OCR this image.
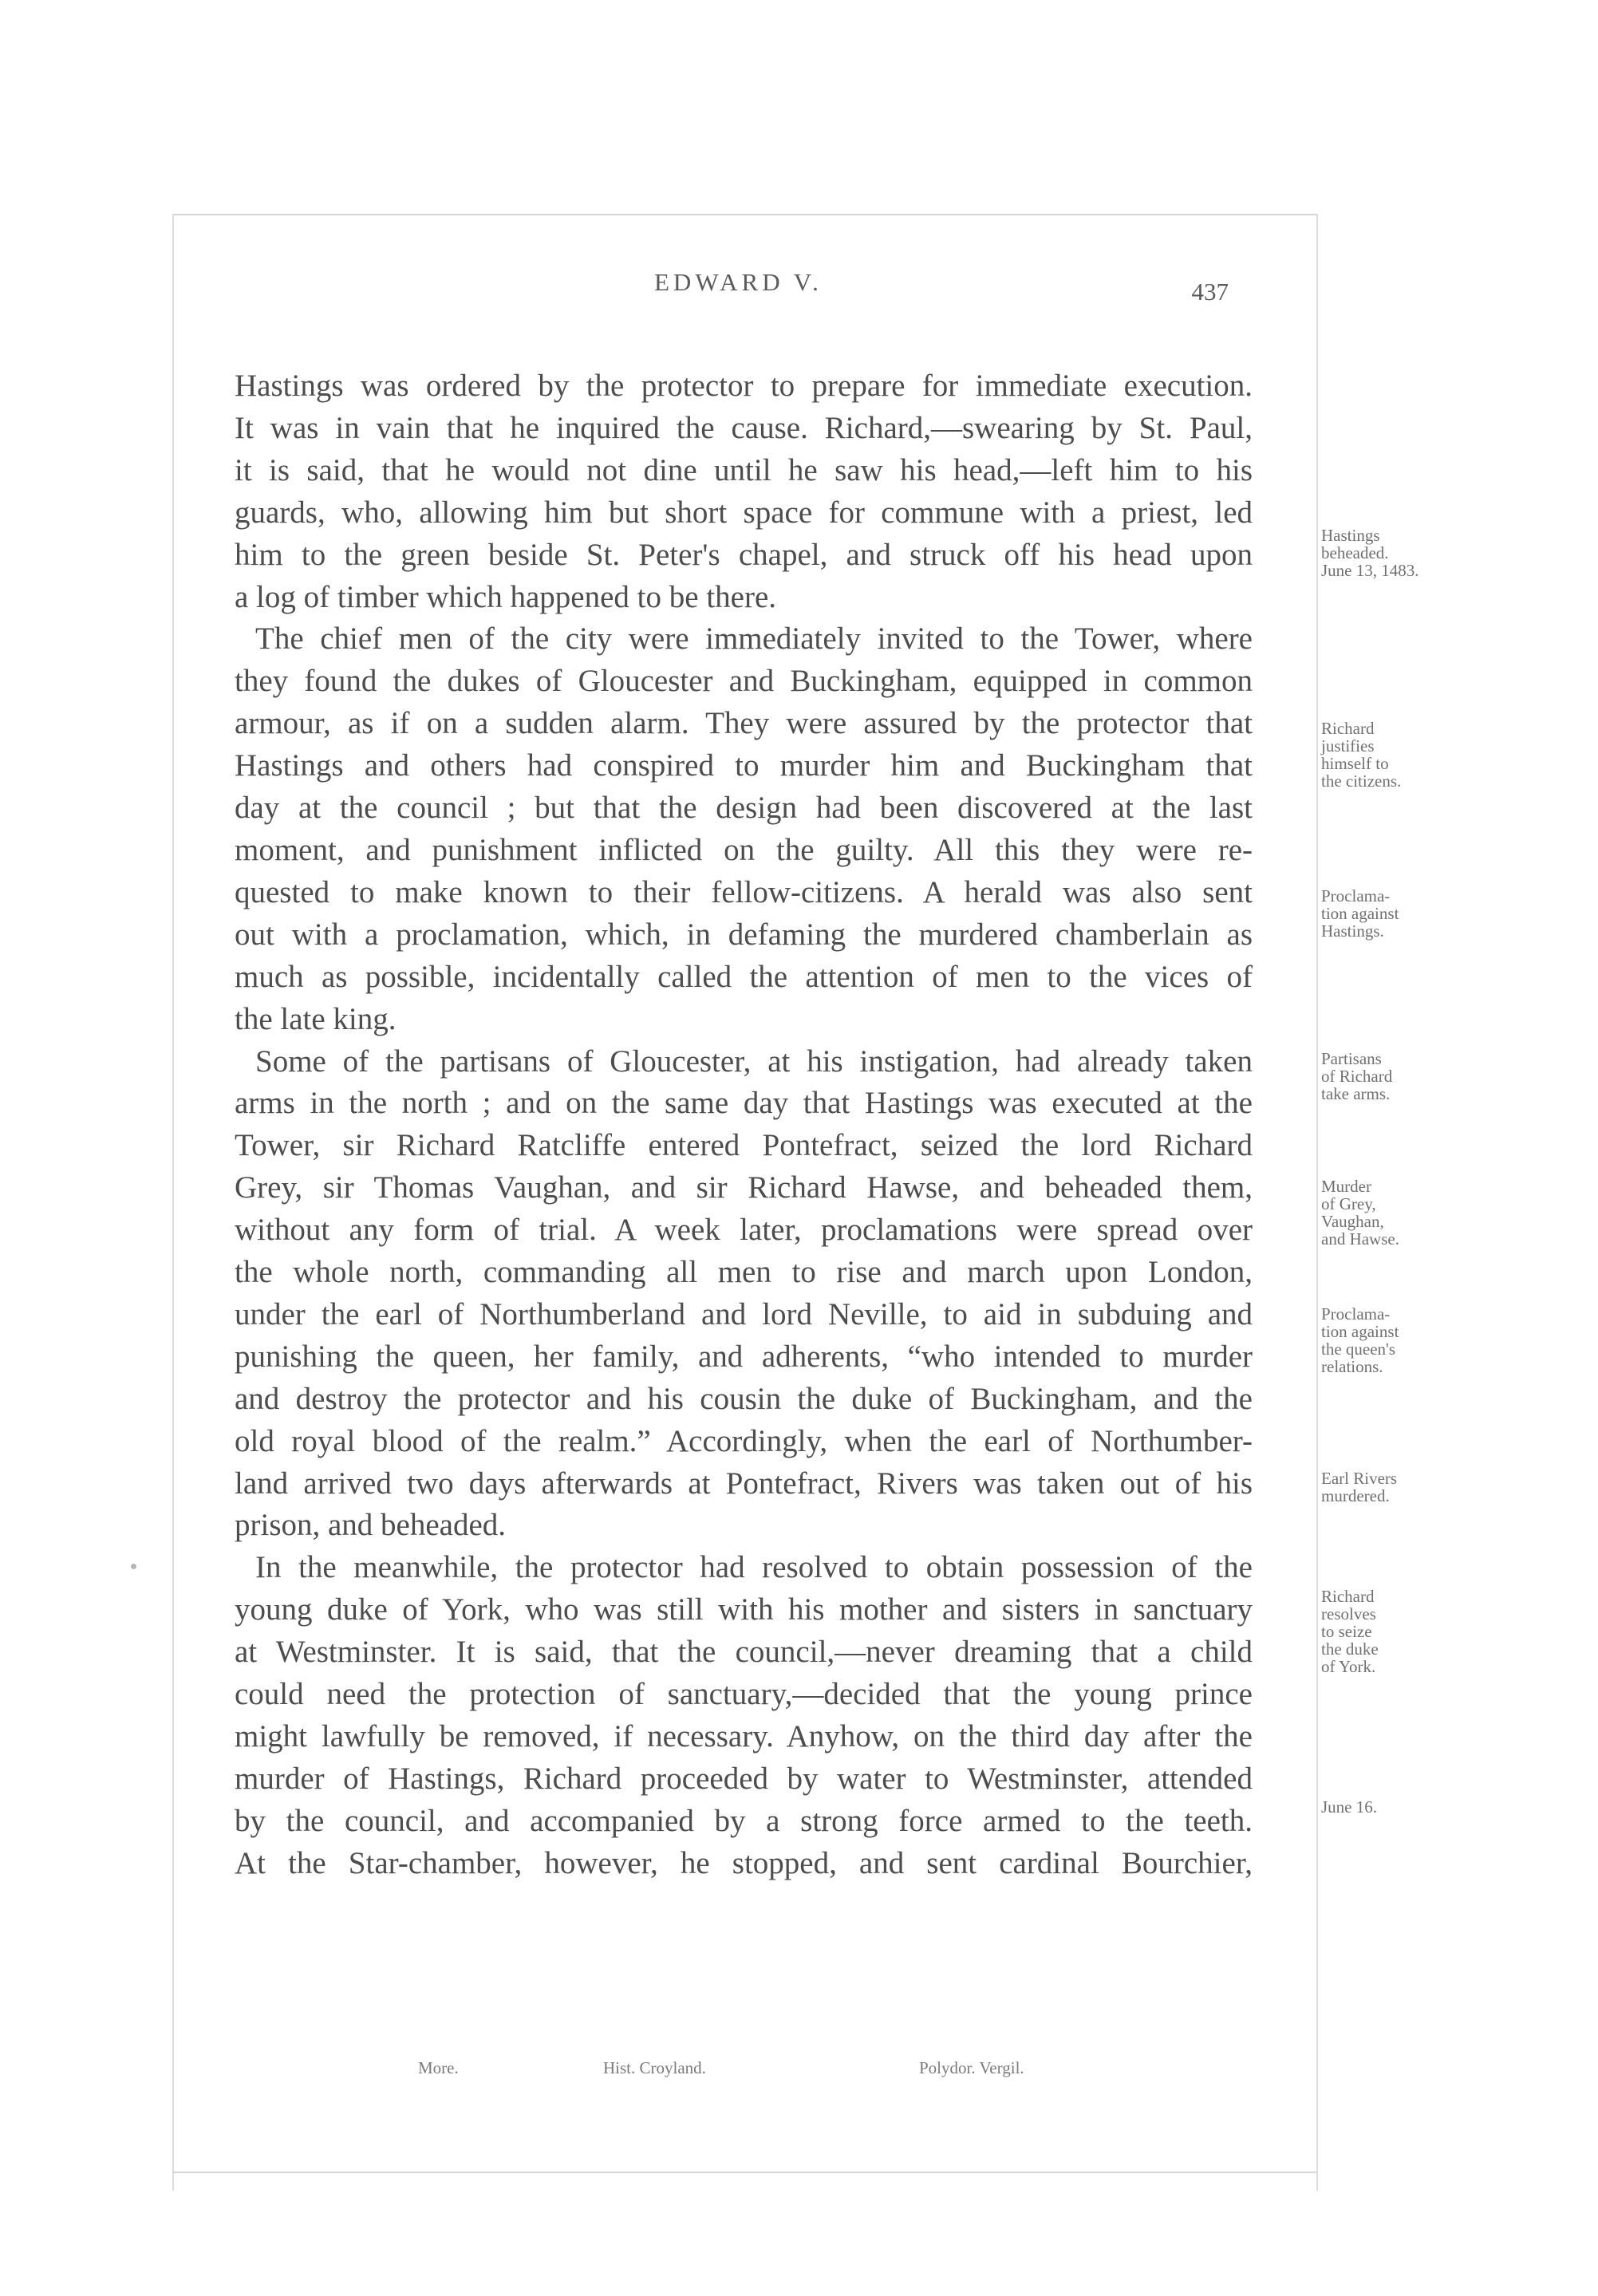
EDWARD V.	437
Hastings was ordered by the protector to prepare for immediate execution.
It was in vain that he inquired the cause. Richard,—swearing by St. Paul,
it is said, that he would not dine until he saw his head,—left him to his
guards, who, allowing him but short space for commune with a priest, led
him to the green beside St. Peter's chapel, and struck off his head upon
a log of timber which happened to be there.
The chief men of the city were immediately invited to the Tower, where
they found the dukes of Gloucester and Buckingham, equipped in common
armour, as if on a sudden alarm. They were assured by the protector that
Hastings and others had conspired to murder him and Buckingham that
day at the council ; but that the design had been discovered at the last
moment, and punishment inflicted on the guilty. All this they were re-
quested to make known to their fellow-citizens. A herald was also sent
out with a proclamation, which, in defaming the murdered chamberlain as
much as possible, incidentally called the attention of men to the vices of
the late king.
Some of the partisans of Gloucester, at his instigation, had already taken
arms in the north ; and on the same day that Hastings was executed at the
Tower, sir Richard Ratcliffe entered Pontefract, seized the lord Richard
Grey, sir Thomas Vaughan, and sir Richard Hawse, and beheaded them,
without any form of trial. A week later, proclamations were spread over
the whole north, commanding all men to rise and march upon London,
under the earl of Northumberland and lord Neville, to aid in subduing and
punishing the queen, her family, and adherents, “who intended to murder
and destroy the protector and his cousin the duke of Buckingham, and the
old royal blood of the realm.” Accordingly, when the earl of Northumber-
land arrived two days afterwards at Pontefract, Rivers was taken out of his
prison, and beheaded.
In the meanwhile, the protector had resolved to obtain possession of the
young duke of York, who was still with his mother and sisters in sanctuary
at Westminster. It is said, that the council,—never dreaming that a child
could need the protection of sanctuary,—decided that the young prince
might lawfully be removed, if necessary. Anyhow, on the third day after the
murder of Hastings, Richard proceeded by water to Westminster, attended
by the council, and accompanied by a strong force armed to the teeth.
At the Star-chamber, however, he stopped, and sent cardinal Bourchier,
Hastings
beheaded.
June 13, 1483.
Richard
justifies
himself to
the citizens.
Proclama-
tion against
Hastings.
Partisans
of Richard
take arms.
Murder
of Grey,
Vaughan,
and Hawse.
Proclama-
tion against
the queen's
relations.
Earl Rivers
murdered.
Richard
resolves
to seize
the duke
of York.
June 16.
More.	Hist. Croyland.	Polydor. Vergil.
